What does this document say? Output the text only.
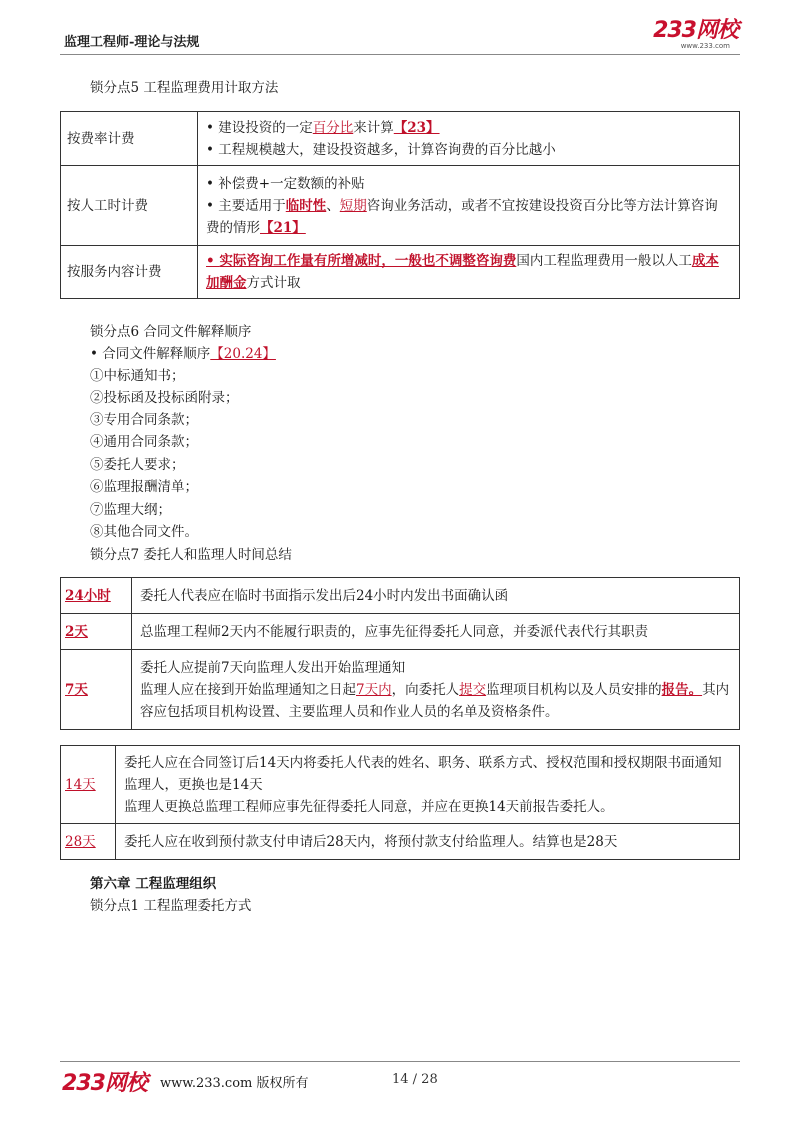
监理工程师-理论与法规	233网校
www.233.com
锁分点5 工程监理费用计取方法
按费率计费	• 建设投资的一定百分比来计算【23】
• 工程规模越大，建设投资越多，计算咨询费的百分比越小

按人工时计费	• 补偿费+一定数额的补贴
• 主要适用于临时性、短期咨询业务活动，或者不宜按建设投资百分比等方法计算咨询费的情形【21】

按服务内容计费	• 实际咨询工作量有所增减时，一般也不调整咨询费国内工程监理费用一般以人工成本加酬金方式计取
锁分点6 合同文件解释顺序
• 合同文件解释顺序【20.24】
①中标通知书；
②投标函及投标函附录；
③专用合同条款；
④通用合同条款；
⑤委托人要求；
⑥监理报酬清单；
⑦监理大纲；
⑧其他合同文件。
锁分点7 委托人和监理人时间总结
24小时	委托人代表应在临时书面指示发出后24小时内发出书面确认函
2天	总监理工程师2天内不能履行职责的，应事先征得委托人同意，并委派代表代行其职责
7天	委托人应提前7天向监理人发出开始监理通知
监理人应在接到开始监理通知之日起7天内，向委托人提交监理项目机构以及人员安排的报告。其内容应包括项目机构设置、主要监理人员和作业人员的名单及资格条件。
14天	委托人应在合同签订后14天内将委托人代表的姓名、职务、联系方式、授权范围和授权期限书面通知监理人，更换也是14天
监理人更换总监理工程师应事先征得委托人同意，并应在更换14天前报告委托人。

28天	委托人应在收到预付款支付申请后28天内，将预付款支付给监理人。结算也是28天
第六章 工程监理组织
锁分点1 工程监理委托方式
233网校 www.233.com 版权所有	14 / 28
